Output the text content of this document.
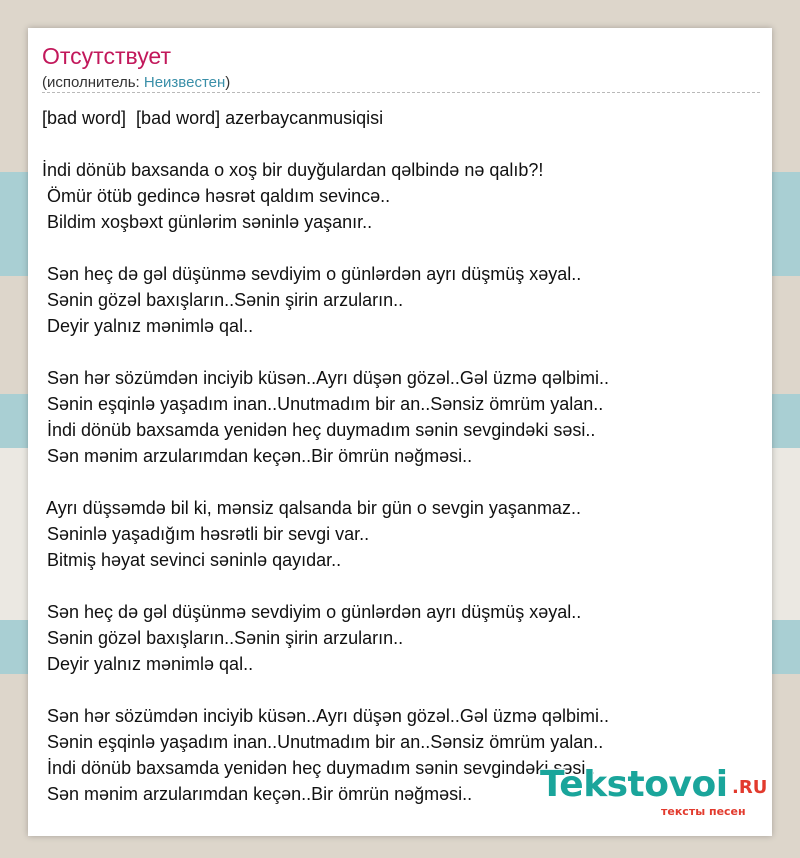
Отсутствует
(исполнитель: Неизвестен)
[bad word]  [bad word] azerbaycanmusiqisi
İndi dönüb baxsanda o xoş bir duyğulardan qəlbində nə qalıb?!
Ömür ötüb gedincə həsrət qaldım sevincə..
Bildim xoşbəxt günlərim səninlə yaşanır..
Sən heç də gəl düşünmə sevdiyim o günlərdən ayrı düşmüş xəyal..
Sənin gözəl baxışların..Sənin şirin arzuların..
Deyir yalnız mənimlə qal..
Sən hər sözümdən inciyib küsən..Ayrı düşən gözəl..Gəl üzmə qəlbimi..
Sənin eşqinlə yaşadım inan..Unutmadım bir an..Sənsiz ömrüm yalan..
İndi dönüb baxsamda yenidən heç duymadım sənin sevgindəki səsi..
Sən mənim arzularımdan keçən..Bir ömrün nəğməsi..
Ayrı düşsəmdə bil ki, mənsiz qalsanda bir gün o sevgin yaşanmaz..
Səninlə yaşadığım həsrətli bir sevgi var..
Bitmiş həyat sevinci səninlə qayıdar..
Sən heç də gəl düşünmə sevdiyim o günlərdən ayrı düşmüş xəyal..
Sənin gözəl baxışların..Sənin şirin arzuların..
Deyir yalnız mənimlə qal..
Sən hər sözümdən inciyib küsən..Ayrı düşən gözəl..Gəl üzmə qəlbimi..
Sənin eşqinlə yaşadım inan..Unutmadım bir an..Sənsiz ömrüm yalan..
İndi dönüb baxsamda yenidən heç duymadım sənin sevgindəki səsi..
Sən mənim arzularımdan keçən..Bir ömrün nəğməsi..	Tekstovoi .RU
тексты песен
